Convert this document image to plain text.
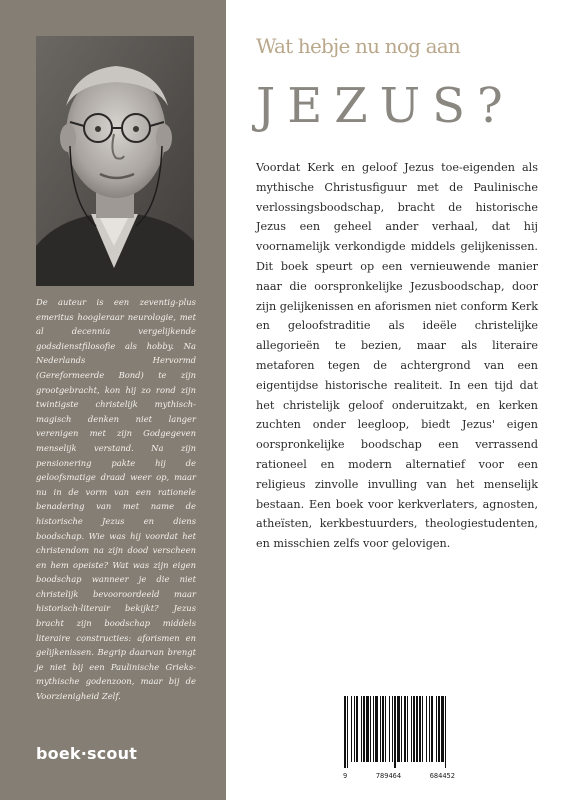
De auteur is een zeventig-plus emeritus hoogleraar neurologie, met al decennia vergelijkende godsdienstfilosofie als hobby. Na Nederlands Hervormd (Gereformeerde Bond) te zijn grootgebracht, kon hij zo rond zijn twintigste christelijk mythisch-magisch denken niet langer verenigen met zijn Godgegeven menselijk verstand. Na zijn pensionering pakte hij de geloofsmatige draad weer op, maar nu in de vorm van een rationele benadering van met name de historische Jezus en diens boodschap. Wie was hij voordat het christendom na zijn dood verscheen en hem opeiste? Wat was zijn eigen boodschap wanneer je die niet christelijk bevooroordeeld maar historisch-literair bekijkt? Jezus bracht zijn boodschap middels literaire constructies: aforismen en gelijkenissen. Begrip daarvan brengt je niet bij een Paulinische Grieks-mythische godenzoon, maar bij de Voorzienigheid Zelf.

boek·scout
Wat hebje nu nog aan
JEZUS?

Voordat Kerk en geloof Jezus toe-eigenden als mythische Christusfiguur met de Paulinische verlossingsboodschap, bracht de historische Jezus een geheel ander verhaal, dat hij voornamelijk verkondigde middels gelijkenissen. Dit boek speurt op een vernieuwende manier naar die oorspronkelijke Jezusboodschap, door zijn gelijkenissen en aforismen niet conform Kerk en geloofstraditie als ideële christelijke allegorieën te bezien, maar als literaire metaforen tegen de achtergrond van een eigentijdse historische realiteit. In een tijd dat het christelijk geloof onderuitzakt, en kerken zuchten onder leegloop, biedt Jezus' eigen oorspronkelijke boodschap een verrassend rationeel en modern alternatief voor een religieus zinvolle invulling van het menselijk bestaan. Een boek voor kerkverlaters, agnosten, atheïsten, kerkbestuurders, theologiestudenten, en misschien zelfs voor gelovigen.

9	789464	684452
